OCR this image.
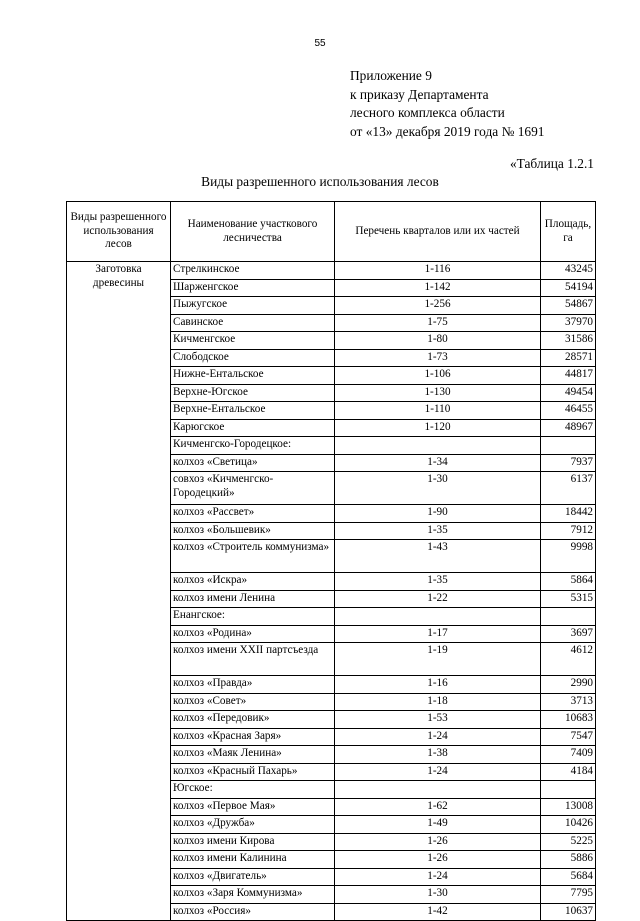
55
Приложение 9
к приказу Департамента
лесного комплекса области
от «13» декабря 2019 года № 1691
«Таблица 1.2.1
Виды разрешенного использования лесов
Виды разрешенного использования лесов	Наименование участкового лесничества	Перечень кварталов или их частей	Площадь, га
Заготовка древесины	Стрелкинское	1-116	43245
	Шарженгское	1-142	54194
	Пыжугское	1-256	54867
	Савинское	1-75	37970
	Кичменгское	1-80	31586
	Слободское	1-73	28571
	Нижне-Ентальское	1-106	44817
	Верхне-Югское	1-130	49454
	Верхне-Ентальское	1-110	46455
	Карюгское	1-120	48967
	Кичменгско-Городецкое:		
	колхоз «Светица»	1-34	7937
	совхоз «Кичменгско-Городецкий»	1-30	6137
	колхоз «Рассвет»	1-90	18442
	колхоз «Большевик»	1-35	7912
	колхоз «Строитель коммунизма»	1-43	9998
	колхоз «Искра»	1-35	5864
	колхоз имени Ленина	1-22	5315
	Енангское:		
	колхоз «Родина»	1-17	3697
	колхоз имени XXII партсъезда	1-19	4612
	колхоз «Правда»	1-16	2990
	колхоз «Совет»	1-18	3713
	колхоз «Передовик»	1-53	10683
	колхоз «Красная Заря»	1-24	7547
	колхоз «Маяк Ленина»	1-38	7409
	колхоз «Красный Пахарь»	1-24	4184
	Югское:		
	колхоз «Первое Мая»	1-62	13008
	колхоз «Дружба»	1-49	10426
	колхоз имени Кирова	1-26	5225
	колхоз имени Калинина	1-26	5886
	колхоз «Двигатель»	1-24	5684
	колхоз «Заря Коммунизма»	1-30	7795
	колхоз «Россия»	1-42	10637
